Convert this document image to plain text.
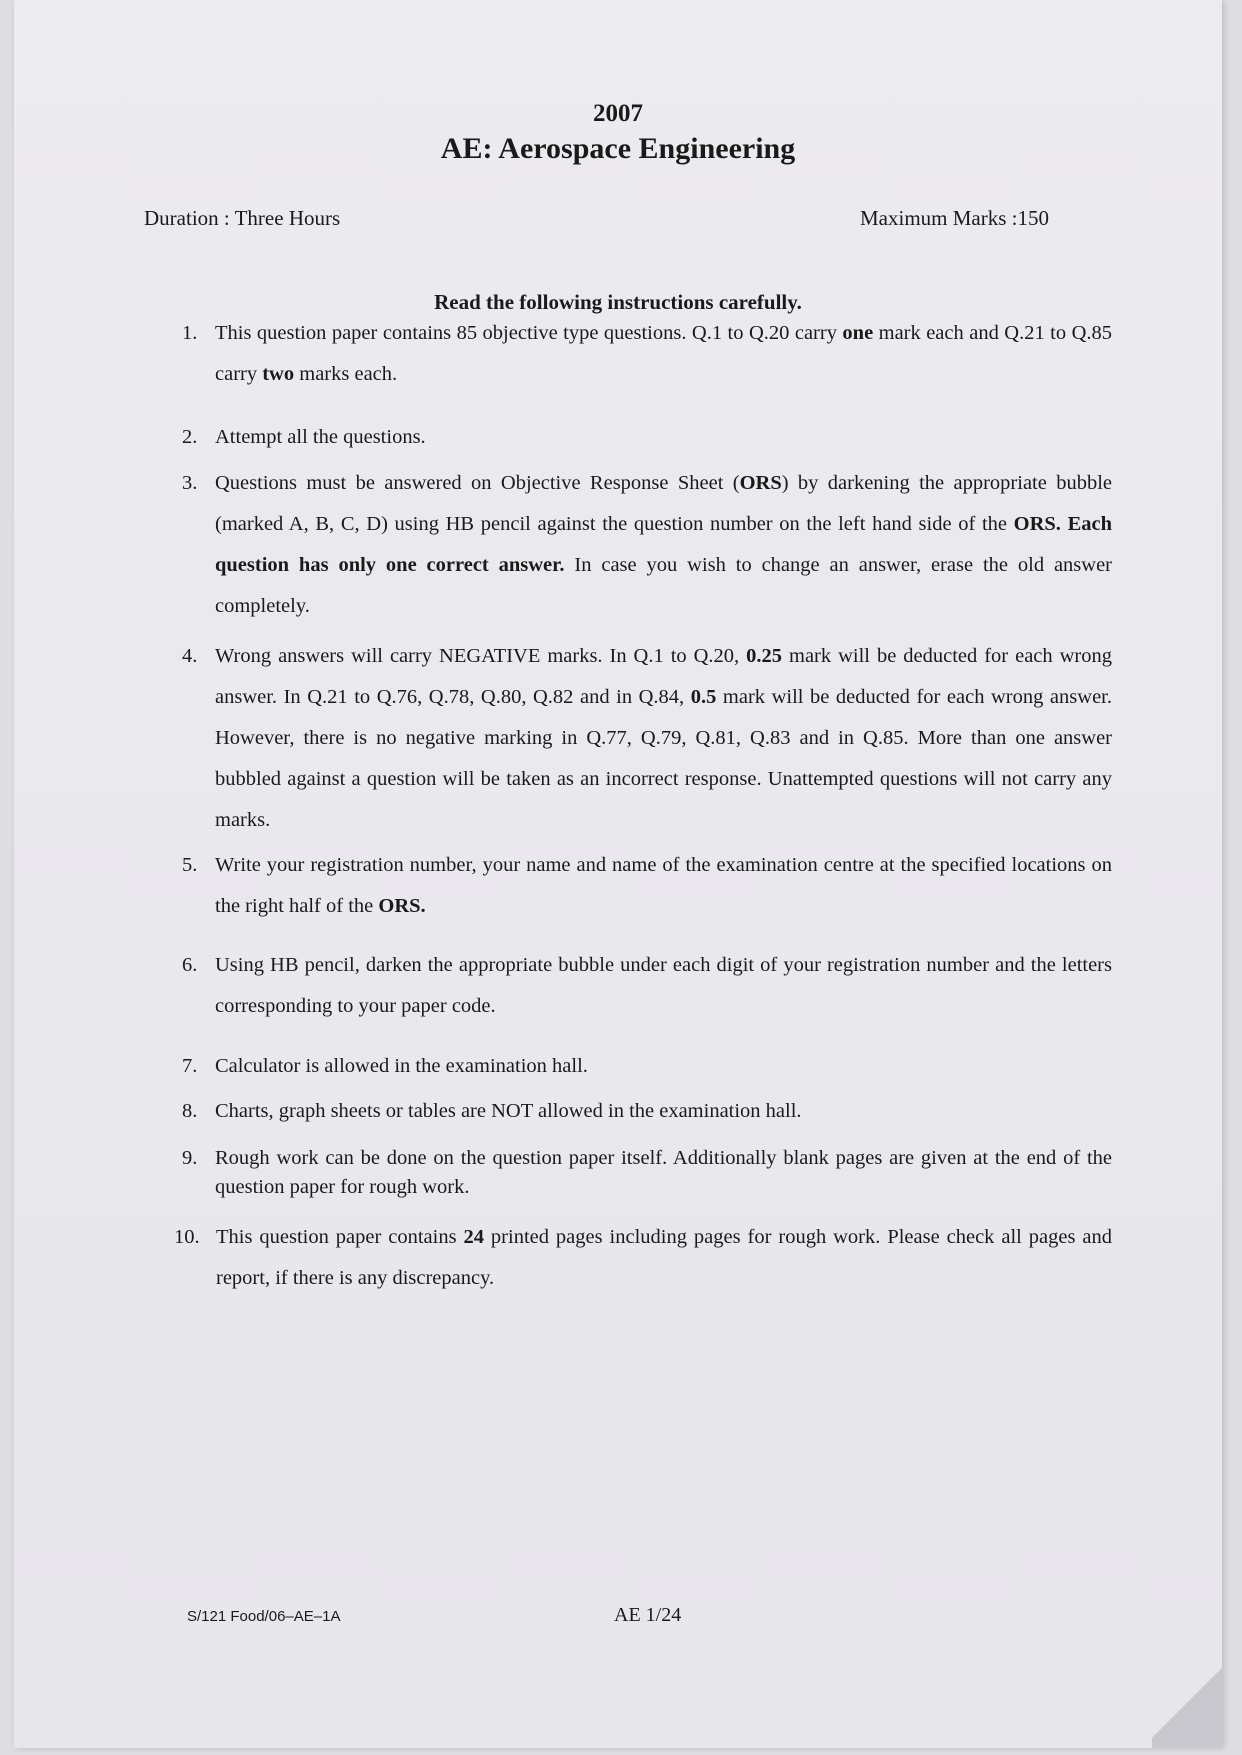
2007
AE: Aerospace Engineering
Duration : Three Hours	Maximum Marks :150
Read the following instructions carefully.
1. This question paper contains 85 objective type questions. Q.1 to Q.20 carry one mark each and Q.21 to Q.85 carry two marks each.
2. Attempt all the questions.
3. Questions must be answered on Objective Response Sheet (ORS) by darkening the appropriate bubble (marked A, B, C, D) using HB pencil against the question number on the left hand side of the ORS. Each question has only one correct answer. In case you wish to change an answer, erase the old answer completely.
4. Wrong answers will carry NEGATIVE marks. In Q.1 to Q.20, 0.25 mark will be deducted for each wrong answer. In Q.21 to Q.76, Q.78, Q.80, Q.82 and in Q.84, 0.5 mark will be deducted for each wrong answer. However, there is no negative marking in Q.77, Q.79, Q.81, Q.83 and in Q.85. More than one answer bubbled against a question will be taken as an incorrect response. Unattempted questions will not carry any marks.
5. Write your registration number, your name and name of the examination centre at the specified locations on the right half of the ORS.
6. Using HB pencil, darken the appropriate bubble under each digit of your registration number and the letters corresponding to your paper code.
7. Calculator is allowed in the examination hall.
8. Charts, graph sheets or tables are NOT allowed in the examination hall.
9. Rough work can be done on the question paper itself. Additionally blank pages are given at the end of the question paper for rough work.
10. This question paper contains 24 printed pages including pages for rough work. Please check all pages and report, if there is any discrepancy.
S/121 Food/06–AE–1A	AE 1/24
